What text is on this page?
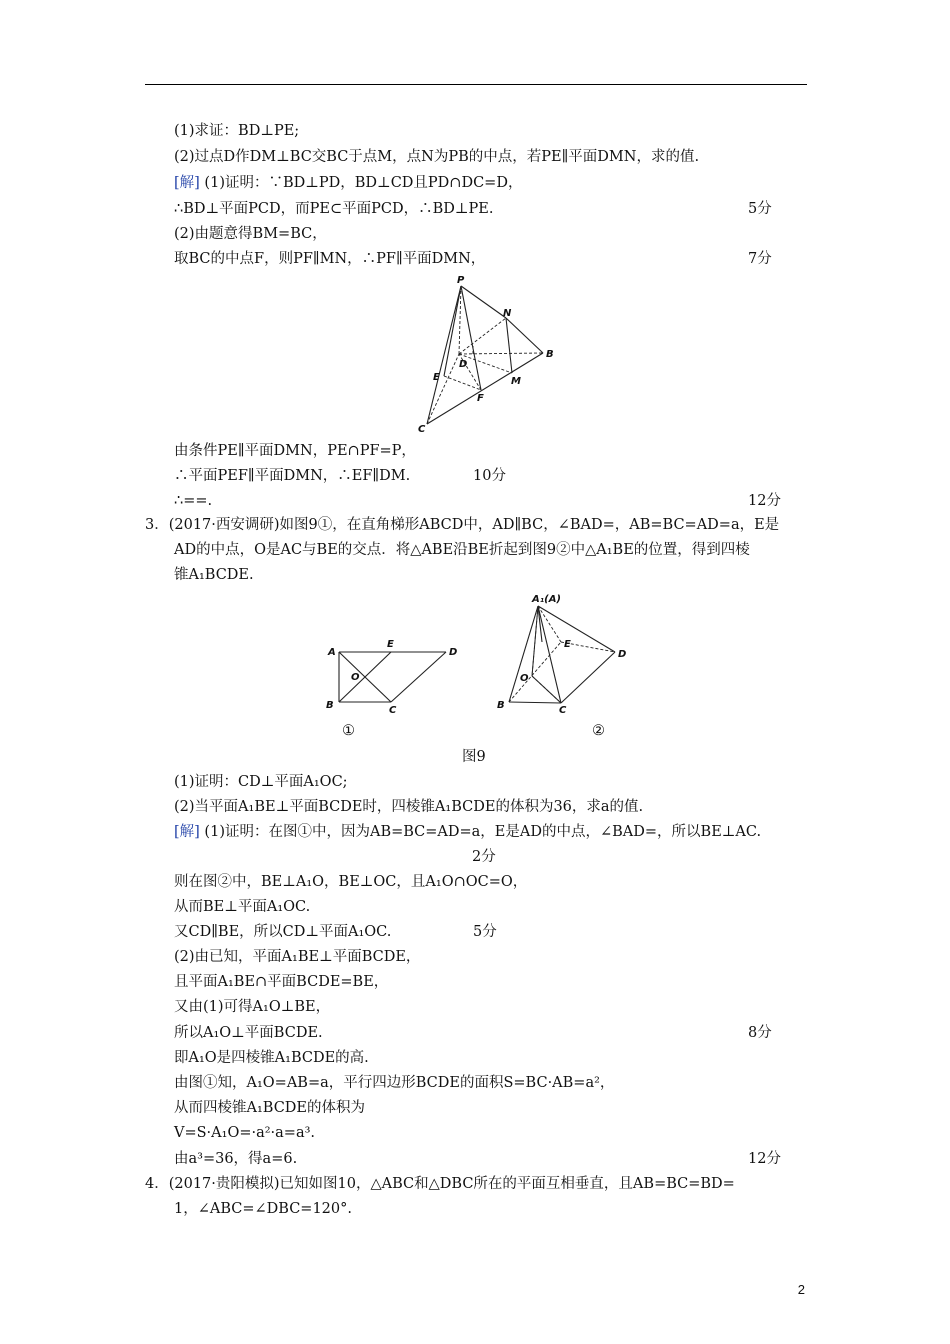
(1)求证：BD⊥PE;
(2)过点D作DM⊥BC交BC于点M，点N为PB的中点，若PE∥平面DMN，求的值.
[解] (1)证明：∵BD⊥PD，BD⊥CD且PD∩DC=D，
∴BD⊥平面PCD，而PE⊂平面PCD，∴BD⊥PE.	5分
(2)由题意得BM=BC，
取BC的中点F，则PF∥MN，∴PF∥平面DMN，	7分
P
N
B
D
M
E
F
C
由条件PE∥平面DMN，PE∩PF=P，
∴平面PEF∥平面DMN，∴EF∥DM.	10分
∴==.	12分
3．(2017·西安调研)如图9①，在直角梯形ABCD中，AD∥BC，∠BAD=，AB=BC=AD=a，E是
AD的中点，O是AC与BE的交点．将△ABE沿BE折起到图9②中△A₁BE的位置，得到四棱
锥A₁BCDE.
A
E
D
O
B	C
A₁(A)
E
D
O
B	C
①	②
图9
(1)证明：CD⊥平面A₁OC;
(2)当平面A₁BE⊥平面BCDE时，四棱锥A₁BCDE的体积为36，求a的值.
[解] (1)证明：在图①中，因为AB=BC=AD=a，E是AD的中点，∠BAD=，所以BE⊥AC.
2分
则在图②中，BE⊥A₁O，BE⊥OC，且A₁O∩OC=O，
从而BE⊥平面A₁OC.
又CD∥BE，所以CD⊥平面A₁OC.	5分
(2)由已知，平面A₁BE⊥平面BCDE，
且平面A₁BE∩平面BCDE=BE，
又由(1)可得A₁O⊥BE，
所以A₁O⊥平面BCDE.	8分
即A₁O是四棱锥A₁BCDE的高.
由图①知，A₁O=AB=a，平行四边形BCDE的面积S=BC·AB=a²，
从而四棱锥A₁BCDE的体积为
V=S·A₁O=·a²·a=a³.
由a³=36，得a=6.	12分
4．(2017·贵阳模拟)已知如图10，△ABC和△DBC所在的平面互相垂直，且AB=BC=BD=
1，∠ABC=∠DBC=120°.
2
